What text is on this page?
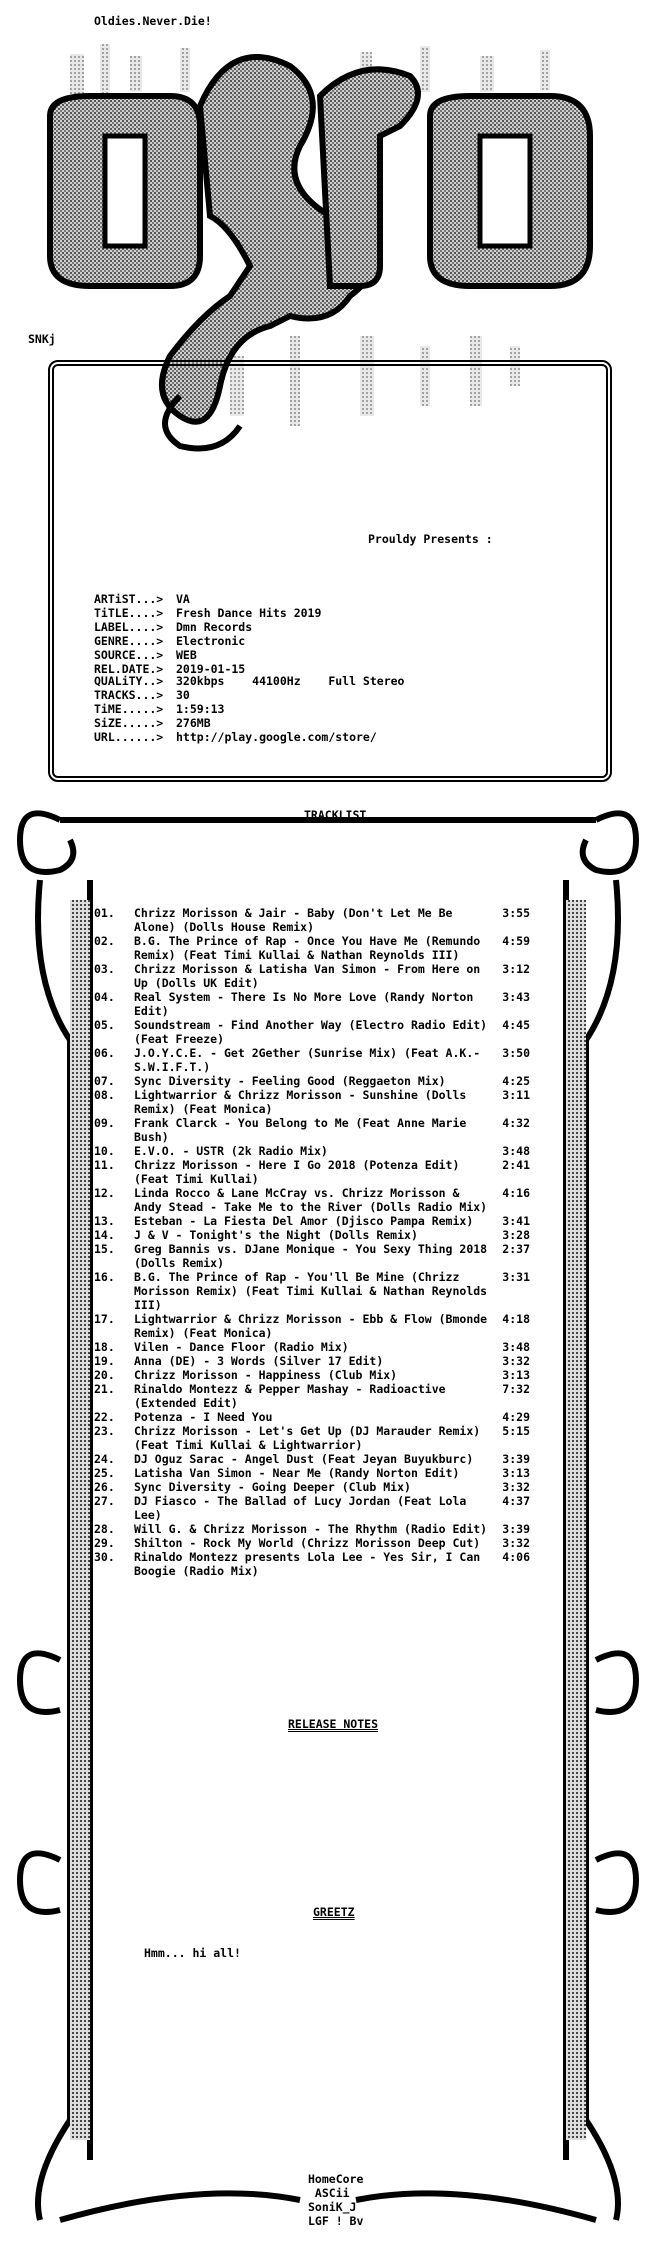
Oldies.Never.Die!
SNKj
Prouldy Presents :
ARTiST...>	VA
TiTLE....>	Fresh Dance Hits 2019
LABEL....>	Dmn Records
GENRE....>	Electronic
SOURCE...>	WEB
REL.DATE.>	2019-01-15
QUALiTY..>	320kbps    44100Hz    Full Stereo
TRACKS...>	30
TiME.....>	1:59:13
SiZE.....>	276MB
URL......>	http://play.google.com/store/
TRACKLIST
RELEASE NOTES
GREETZ
Hmm... hi all!
01.	Chrizz Morisson & Jair - Baby (Don't Let Me Be Alone) (Dolls House Remix)
3:55
02.	B.G. The Prince of Rap - Once You Have Me (Remundo Remix) (Feat Timi Kullai & Nathan Reynolds III)
4:59
03.	Chrizz Morisson & Latisha Van Simon - From Here on Up (Dolls UK Edit)
3:12
04.	Real System - There Is No More Love (Randy Norton Edit)
3:43
05.	Soundstream - Find Another Way (Electro Radio Edit) (Feat Freeze)
4:45
06.	J.O.Y.C.E. - Get 2Gether (Sunrise Mix) (Feat A.K.-S.W.I.F.T.)
3:50
07.	Sync Diversity - Feeling Good (Reggaeton Mix)	4:25
08.	Lightwarrior & Chrizz Morisson - Sunshine (Dolls Remix) (Feat Monica)
3:11
09.	Frank Clarck - You Belong to Me (Feat Anne Marie Bush)
4:32
10.	E.V.O. - USTR (2k Radio Mix)	3:48
11.	Chrizz Morisson - Here I Go 2018 (Potenza Edit) (Feat Timi Kullai)
2:41
12.	Linda Rocco & Lane McCray vs. Chrizz Morisson & Andy Stead - Take Me to the River (Dolls Radio Mix)
4:16
13.	Esteban - La Fiesta Del Amor (Djisco Pampa Remix)	3:41
14.	J & V - Tonight's the Night (Dolls Remix)	3:28
15.	Greg Bannis vs. DJane Monique - You Sexy Thing 2018 (Dolls Remix)
2:37
16.	B.G. The Prince of Rap - You'll Be Mine (Chrizz Morisson Remix) (Feat Timi Kullai & Nathan Reynolds III)
3:31
17.	Lightwarrior & Chrizz Morisson - Ebb & Flow (Bmonde Remix) (Feat Monica)
4:18
18.	Vilen - Dance Floor (Radio Mix)	3:48
19.	Anna (DE) - 3 Words (Silver 17 Edit)	3:32
20.	Chrizz Morisson - Happiness (Club Mix)	3:13
21.	Rinaldo Montezz & Pepper Mashay - Radioactive (Extended Edit)
7:32
22.	Potenza - I Need You	4:29
23.	Chrizz Morisson - Let's Get Up (DJ Marauder Remix) (Feat Timi Kullai & Lightwarrior)
5:15
24.	DJ Oguz Sarac - Angel Dust (Feat Jeyan Buyukburc)	3:39
25.	Latisha Van Simon - Near Me (Randy Norton Edit)	3:13
26.	Sync Diversity - Going Deeper (Club Mix)	3:32
27.	DJ Fiasco - The Ballad of Lucy Jordan (Feat Lola Lee)
4:37
28.	Will G. & Chrizz Morisson - The Rhythm (Radio Edit)	3:39
29.	Shilton - Rock My World (Chrizz Morisson Deep Cut)	3:32
30.	Rinaldo Montezz presents Lola Lee - Yes Sir, I Can Boogie (Radio Mix)
4:06
HomeCore
ASCii
SoniK_J
LGF ! Bv
